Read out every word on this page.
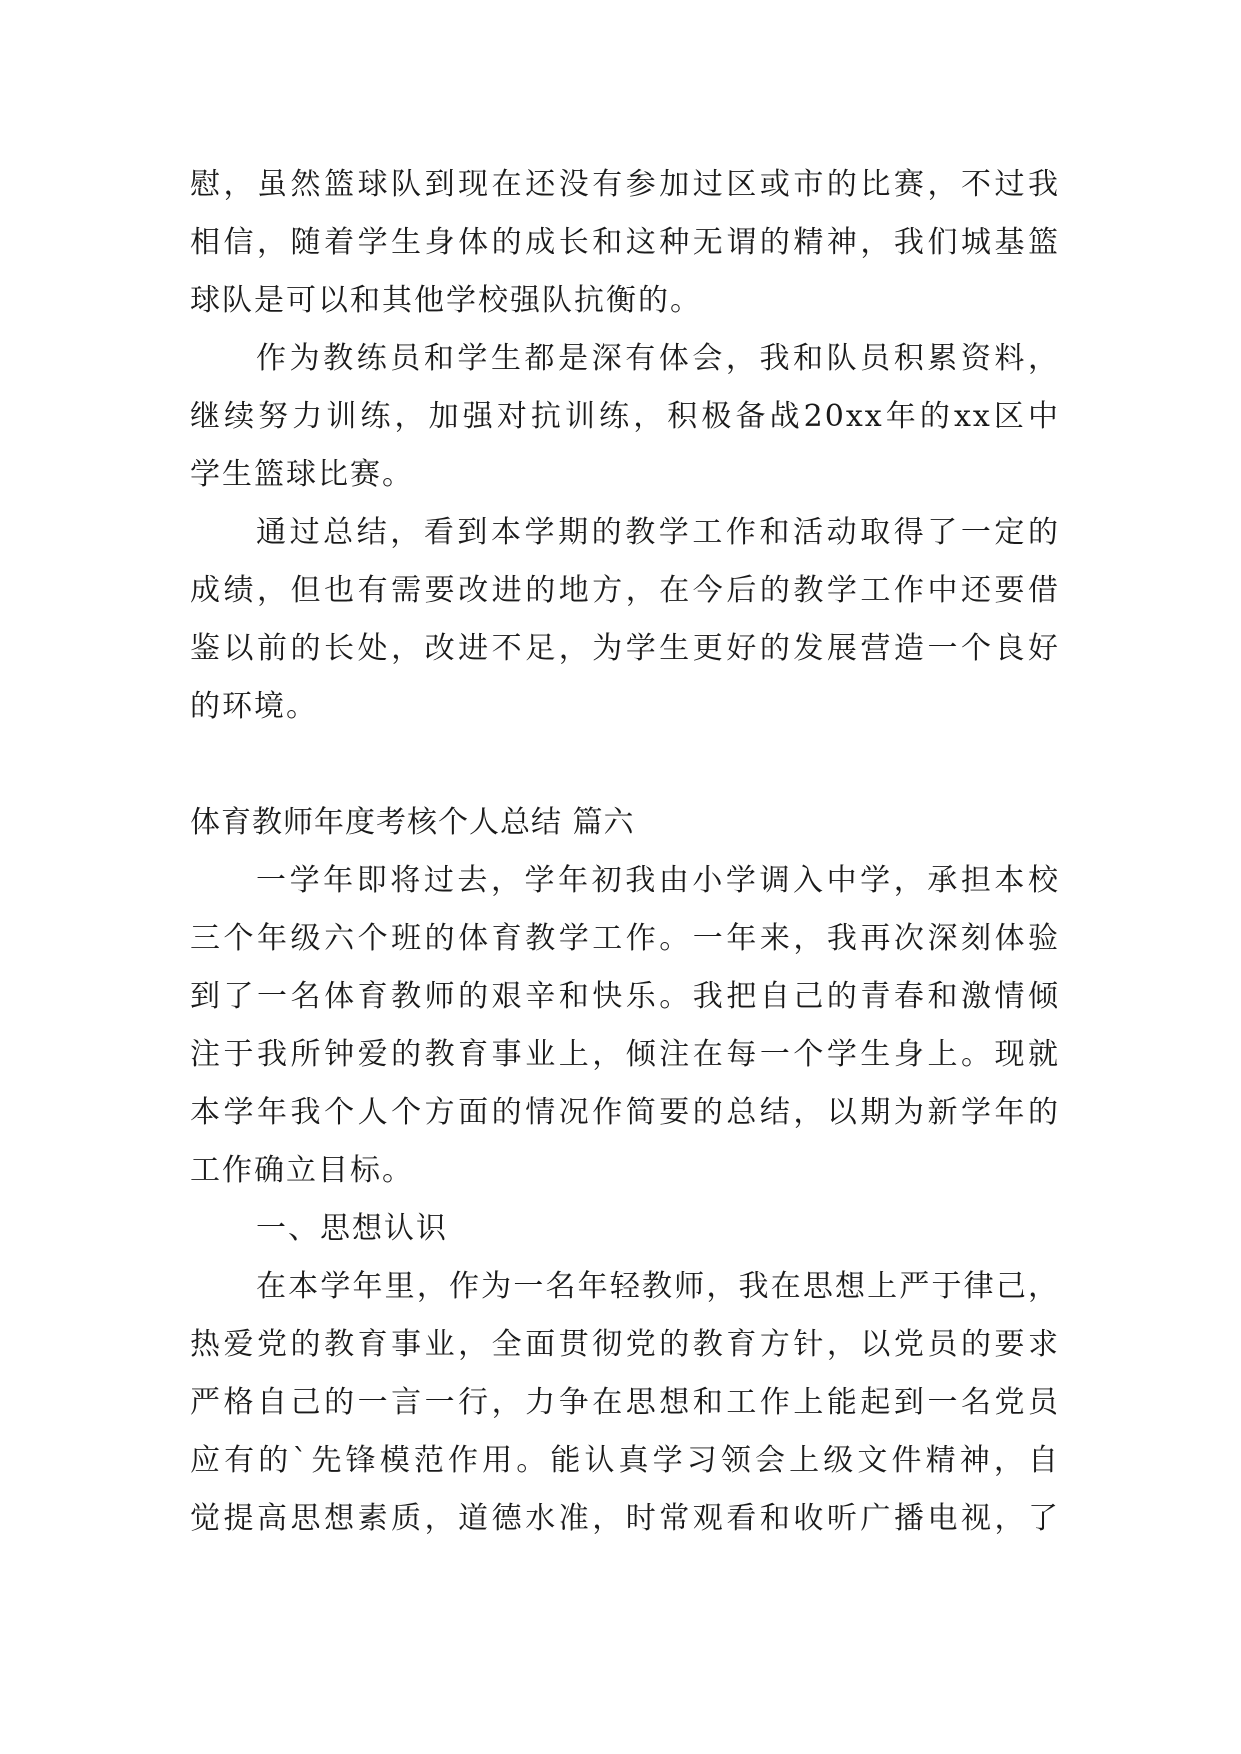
慰，虽然篮球队到现在还没有参加过区或市的比赛，不过我
相信，随着学生身体的成长和这种无谓的精神，我们城基篮
球队是可以和其他学校强队抗衡的。
作为教练员和学生都是深有体会，我和队员积累资料，
继续努力训练，加强对抗训练，积极备战20xx年的xx区中
学生篮球比赛。
通过总结，看到本学期的教学工作和活动取得了一定的
成绩，但也有需要改进的地方，在今后的教学工作中还要借
鉴以前的长处，改进不足，为学生更好的发展营造一个良好
的环境。
体育教师年度考核个人总结 篇六
一学年即将过去，学年初我由小学调入中学，承担本校
三个年级六个班的体育教学工作。一年来，我再次深刻体验
到了一名体育教师的艰辛和快乐。我把自己的青春和激情倾
注于我所钟爱的教育事业上，倾注在每一个学生身上。现就
本学年我个人个方面的情况作简要的总结，以期为新学年的
工作确立目标。
一、思想认识
在本学年里，作为一名年轻教师，我在思想上严于律己，
热爱党的教育事业，全面贯彻党的教育方针，以党员的要求
严格自己的一言一行，力争在思想和工作上能起到一名党员
应有的`先锋模范作用。能认真学习领会上级文件精神，自
觉提高思想素质，道德水准，时常观看和收听广播电视，了
